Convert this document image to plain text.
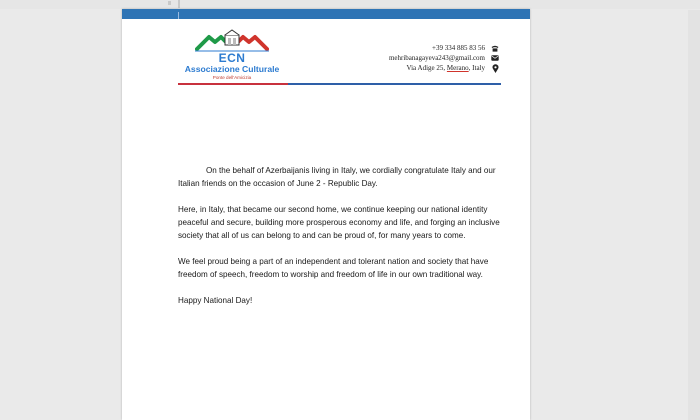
ECN
Associazione Culturale
Ponte dell'Amicizia
+39 334 885 83 56
mehribanagayeva243@gmail.com
Via Adige 25, Merano, Italy

On the behalf of Azerbaijanis living in Italy, we cordially congratulate Italy and our Italian friends on the occasion of June 2 - Republic Day.

Here, in Italy, that became our second home, we continue keeping our national identity peaceful and secure, building more prosperous economy and life, and forging an inclusive society that all of us can belong to and can be proud of, for many years to come.

We feel proud being a part of an independent and tolerant nation and society that have freedom of speech, freedom to worship and freedom of life in our own traditional way.

Happy National Day!
